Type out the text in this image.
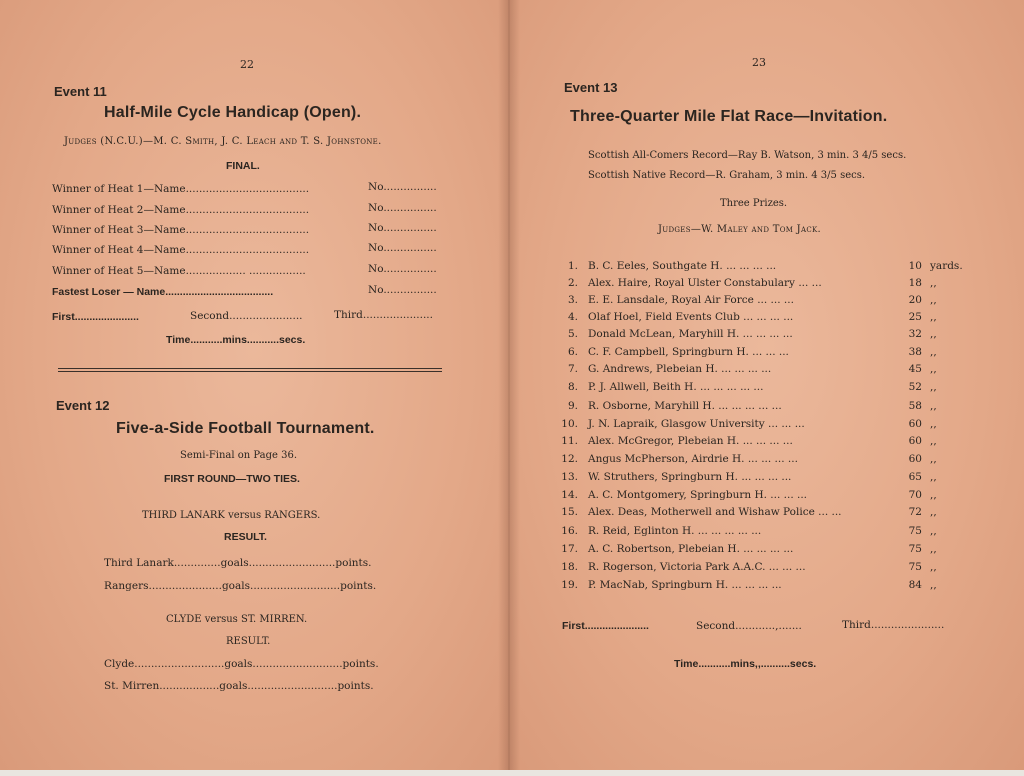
22
Event 11
Half-Mile Cycle Handicap (Open).
Judges (N.C.U.)—M. C. Smith, J. C. Leach and T. S. Johnstone.
FINAL.
Winner of Heat 1—Name.....................................	No................
Winner of Heat 2—Name.....................................	No................
Winner of Heat 3—Name.....................................	No................
Winner of Heat 4—Name.....................................	No................
Winner of Heat 5—Name.................. .................	No................
Fastest Loser — Name.....................................	No................
First......................	Second......................	Third.....................
Time...........mins...........secs.
Event 12
Five-a-Side Football Tournament.
Semi-Final on Page 36.
FIRST ROUND—TWO TIES.
THIRD LANARK versus RANGERS.
RESULT.
Third Lanark..............goals..........................points.
Rangers......................goals...........................points.
CLYDE versus ST. MIRREN.
RESULT.
Clyde...........................goals...........................points.
St. Mirren..................goals...........................points.
23
Event 13
Three-Quarter Mile Flat Race—Invitation.
Scottish All-Comers Record—Ray B. Watson, 3 min. 3 4/5 secs.
Scottish Native Record—R. Graham, 3 min. 4 3/5 secs.
Three Prizes.
Judges—W. Maley and Tom Jack.
1. B. C. Eeles, Southgate H. ... ... ... ...	10 yards.
2. Alex. Haire, Royal Ulster Constabulary ... ...	18 ,,
3. E. E. Lansdale, Royal Air Force ... ... ...	20 ,,
4. Olaf Hoel, Field Events Club ... ... ... ...	25 ,,
5. Donald McLean, Maryhill H. ... ... ... ...	32 ,,
6. C. F. Campbell, Springburn H. ... ... ...	38 ,,
7. G. Andrews, Plebeian H. ... ... ... ...	45 ,,
8. P. J. Allwell, Beith H. ... ... ... ... ...	52 ,,
9. R. Osborne, Maryhill H. ... ... ... ... ...	58 ,,
10. J. N. Lapraik, Glasgow University ... ... ...	60 ,,
11. Alex. McGregor, Plebeian H. ... ... ... ...	60 ,,
12. Angus McPherson, Airdrie H. ... ... ... ...	60 ,,
13. W. Struthers, Springburn H. ... ... ... ...	65 ,,
14. A. C. Montgomery, Springburn H. ... ... ...	70 ,,
15. Alex. Deas, Motherwell and Wishaw Police ... ...	72 ,,
16. R. Reid, Eglinton H. ... ... ... ... ...	75 ,,
17. A. C. Robertson, Plebeian H. ... ... ... ...	75 ,,
18. R. Rogerson, Victoria Park A.A.C. ... ... ...	75 ,,
19. P. MacNab, Springburn H. ... ... ... ...	84 ,,
First......................	Second............,.......	Third......................
Time...........mins,,..........secs.
